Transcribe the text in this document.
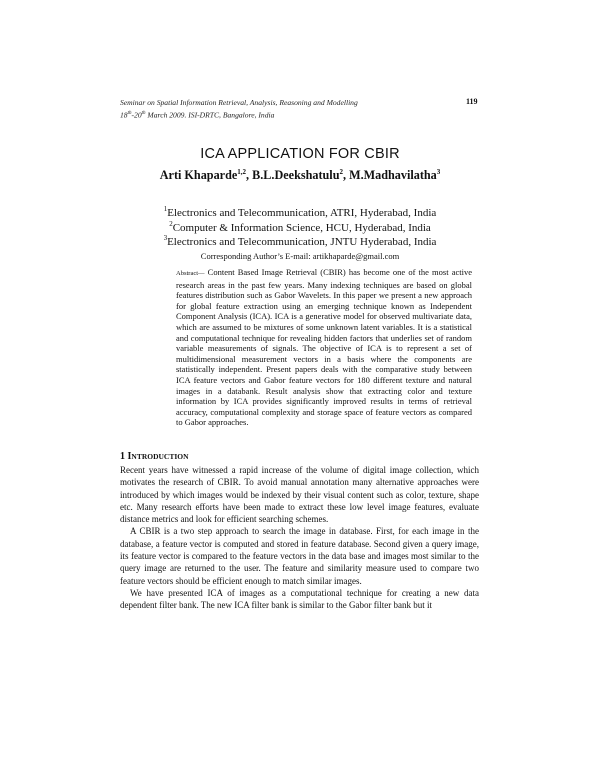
Seminar on Spatial Information Retrieval, Analysis, Reasoning and Modelling
18th-20th March 2009. ISI-DRTC, Bangalore, India
119
ICA APPLICATION FOR CBIR
Arti Khaparde$^{1,2}$, B.L.Deekshatulu$^2$, M.Madhavilatha$^3$
$^1$Electronics and Telecommunication, ATRI, Hyderabad, India
$^2$Computer & Information Science, HCU, Hyderabad, India
$^3$Electronics and Telecommunication, JNTU Hyderabad, India
Corresponding Author’s E-mail: artikhaparde@gmail.com
Abstract— Content Based Image Retrieval (CBIR) has become one of the most active research areas in the past few years. Many indexing techniques are based on global features distribution such as Gabor Wavelets. In this paper we present a new approach for global feature extraction using an emerging technique known as Independent Component Analysis (ICA). ICA is a generative model for observed multivariate data, which are assumed to be mixtures of some unknown latent variables. It is a statistical and computational technique for revealing hidden factors that underlies set of random variable measurements of signals. The objective of ICA is to represent a set of multidimensional measurement vectors in a basis where the components are statistically independent. Present papers deals with the comparative study between ICA feature vectors and Gabor feature vectors for 180 different texture and natural images in a databank. Result analysis show that extracting color and texture information by ICA provides significantly improved results in terms of retrieval accuracy, computational complexity and storage space of feature vectors as compared to Gabor approaches.
1 INTRODUCTION

Recent years have witnessed a rapid increase of the volume of digital image collection, which motivates the research of CBIR. To avoid manual annotation many alternative approaches were introduced by which images would be indexed by their visual content such as color, texture, shape etc. Many research efforts have been made to extract these low level image features, evaluate distance metrics and look for efficient searching schemes.

A CBIR is a two step approach to search the image in database. First, for each image in the database, a feature vector is computed and stored in feature database. Second given a query image, its feature vector is compared to the feature vectors in the data base and images most similar to the query image are returned to the user. The feature and similarity measure used to compare two feature vectors should be efficient enough to match similar images.

We have presented ICA of images as a computational technique for creating a new data dependent filter bank. The new ICA filter bank is similar to the Gabor filter bank but it
